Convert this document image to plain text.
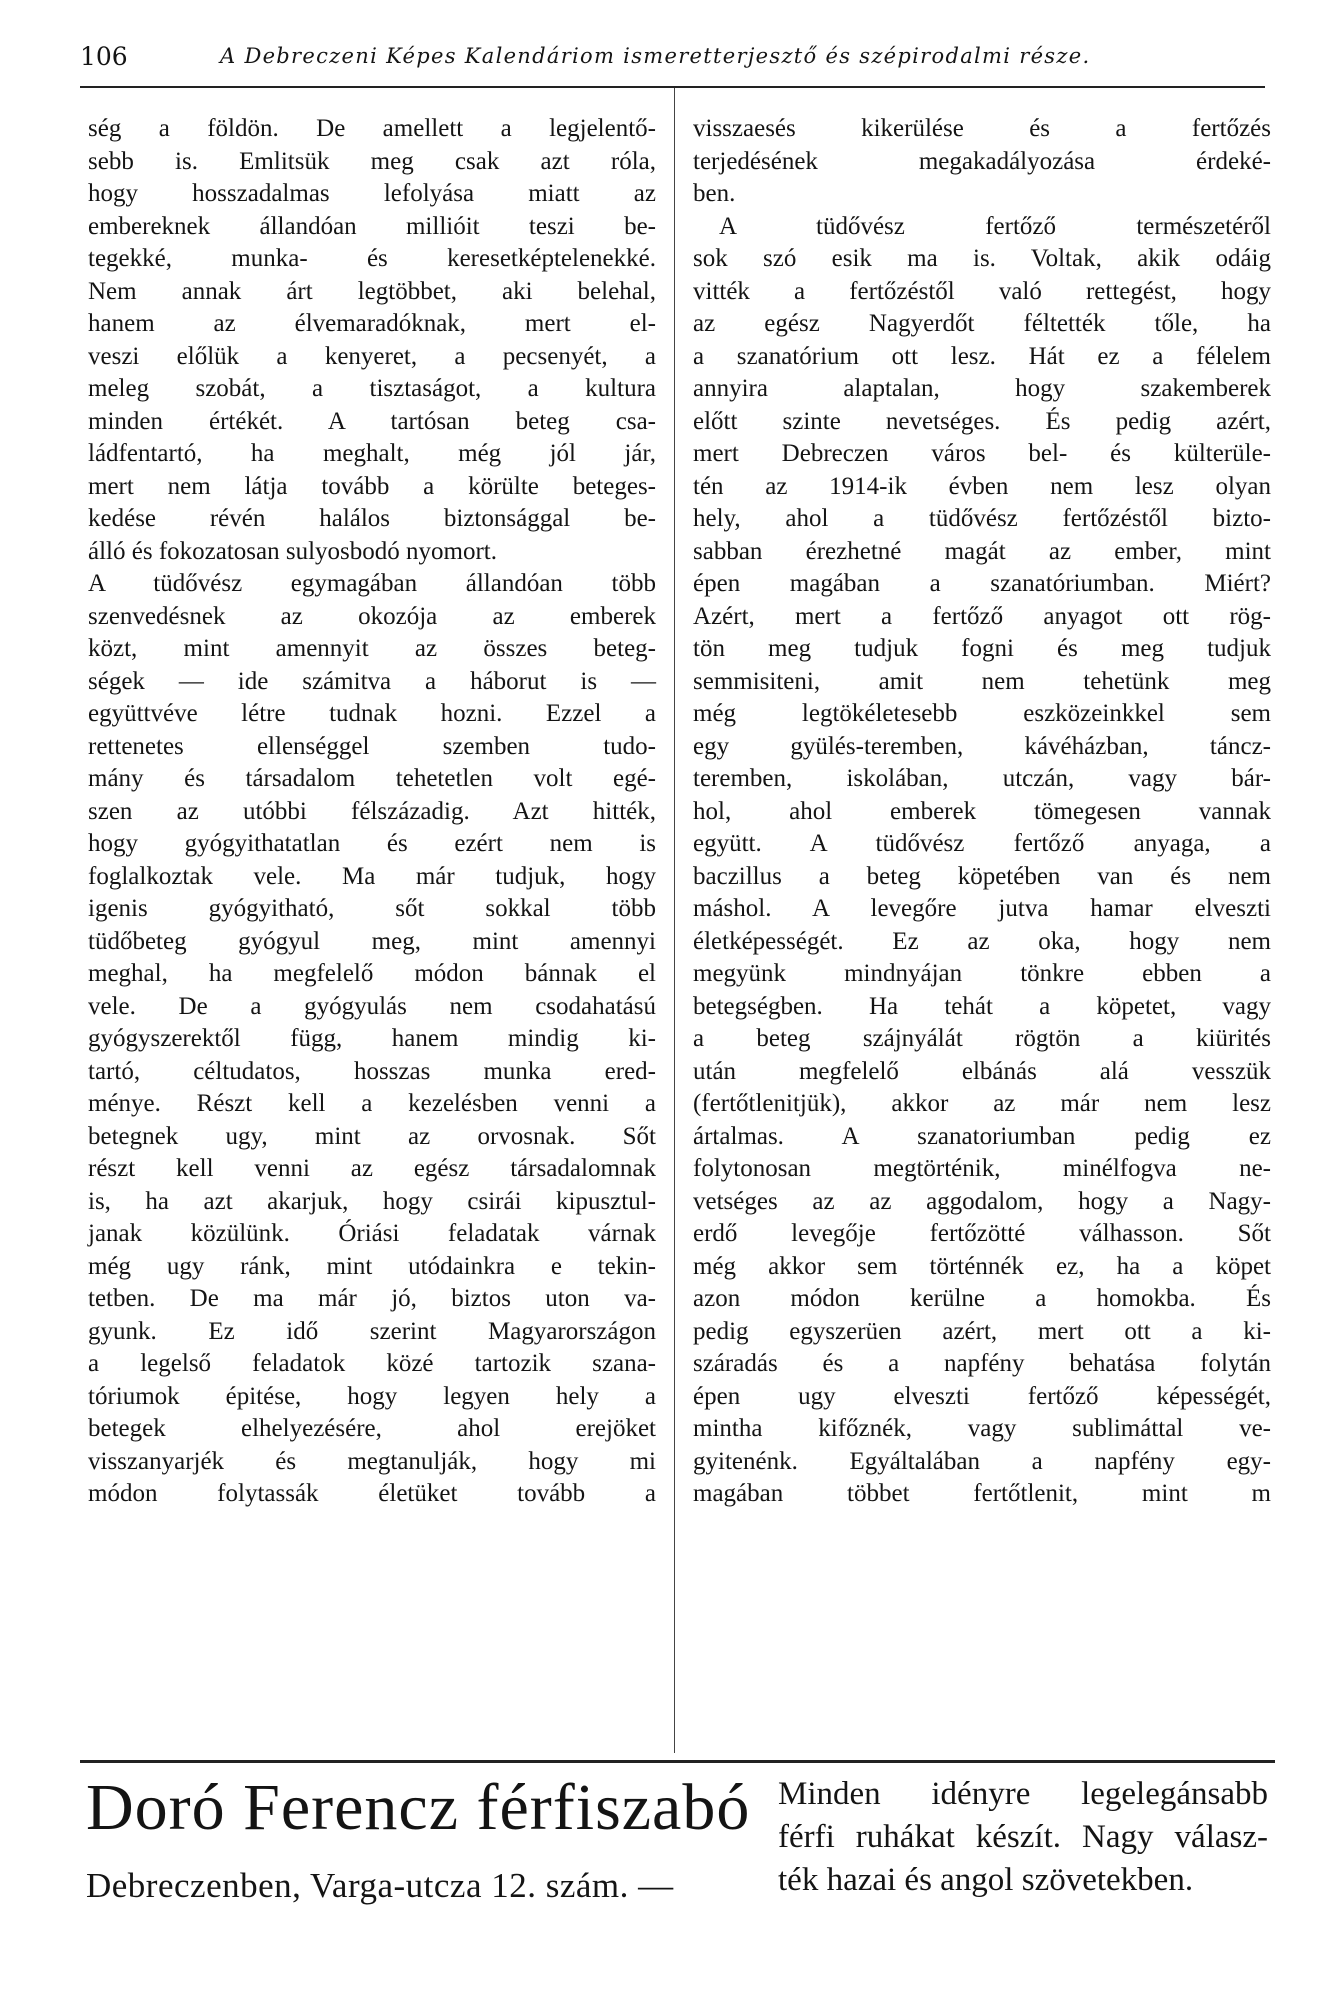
106	A Debreczeni Képes Kalendáriom ismeretterjesztő és szépirodalmi része.
ség a földön. De amellett a legjelentő-
sebb is. Emlitsük meg csak azt róla,
hogy hosszadalmas lefolyása miatt az
embereknek állandóan millióit teszi be-
tegekké, munka- és keresetképtelenekké.
Nem annak árt legtöbbet, aki belehal,
hanem az élvemaradóknak, mert el-
veszi előlük a kenyeret, a pecsenyét, a
meleg szobát, a tisztaságot, a kultura
minden értékét. A tartósan beteg csa-
ládfentartó, ha meghalt, még jól jár,
mert nem látja tovább a körülte beteges-
kedése révén halálos biztonsággal be-
álló és fokozatosan sulyosbodó nyomort.
A tüdővész egymagában állandóan több
szenvedésnek az okozója az emberek
közt, mint amennyit az összes beteg-
ségek — ide számitva a háborut is —
együttvéve létre tudnak hozni. Ezzel a
rettenetes ellenséggel szemben tudo-
mány és társadalom tehetetlen volt egé-
szen az utóbbi félszázadig. Azt hitték,
hogy gyógyithatatlan és ezért nem is
foglalkoztak vele. Ma már tudjuk, hogy
igenis gyógyitható, sőt sokkal több
tüdőbeteg gyógyul meg, mint amennyi
meghal, ha megfelelő módon bánnak el
vele. De a gyógyulás nem csodahatású
gyógyszerektől függ, hanem mindig ki-
tartó, céltudatos, hosszas munka ered-
ménye. Részt kell a kezelésben venni a
betegnek ugy, mint az orvosnak. Sőt
részt kell venni az egész társadalomnak
is, ha azt akarjuk, hogy csirái kipusztul-
janak közülünk. Óriási feladatak várnak
még ugy ránk, mint utódainkra e tekin-
tetben. De ma már jó, biztos uton va-
gyunk. Ez idő szerint Magyarországon
a legelső feladatok közé tartozik szana-
tóriumok épitése, hogy legyen hely a
betegek elhelyezésére, ahol erejöket
visszanyarjék és megtanulják, hogy mi
módon folytassák életüket tovább a
visszaesés kikerülése és a fertőzés
terjedésének megakadályozása érdeké-
ben.
A tüdővész fertőző természetéről
sok szó esik ma is. Voltak, akik odáig
vitték a fertőzéstől való rettegést, hogy
az egész Nagyerdőt féltették tőle, ha
a szanatórium ott lesz. Hát ez a félelem
annyira alaptalan, hogy szakemberek
előtt szinte nevetséges. És pedig azért,
mert Debreczen város bel- és külterüle-
tén az 1914-ik évben nem lesz olyan
hely, ahol a tüdővész fertőzéstől bizto-
sabban érezhetné magát az ember, mint
épen magában a szanatóriumban. Miért?
Azért, mert a fertőző anyagot ott rög-
tön meg tudjuk fogni és meg tudjuk
semmisiteni, amit nem tehetünk meg
még legtökéletesebb eszközeinkkel sem
egy gyülés-teremben, kávéházban, táncz-
teremben, iskolában, utczán, vagy bár-
hol, ahol emberek tömegesen vannak
együtt. A tüdővész fertőző anyaga, a
baczillus a beteg köpetében van és nem
máshol. A levegőre jutva hamar elveszti
életképességét. Ez az oka, hogy nem
megyünk mindnyájan tönkre ebben a
betegségben. Ha tehát a köpetet, vagy
a beteg szájnyálát rögtön a kiürités
után megfelelő elbánás alá vesszük
(fertőtlenitjük), akkor az már nem lesz
ártalmas. A szanatoriumban pedig ez
folytonosan megtörténik, minélfogva ne-
vetséges az az aggodalom, hogy a Nagy-
erdő levegője fertőzötté válhasson. Sőt
még akkor sem történnék ez, ha a köpet
azon módon kerülne a homokba. És
pedig egyszerüen azért, mert ott a ki-
száradás és a napfény behatása folytán
épen ugy elveszti fertőző képességét,
mintha kifőznék, vagy sublimáttal ve-
gyitenénk. Egyáltalában a napfény egy-
magában többet fertőtlenit, mint m
Doró Ferencz férfiszabó
Debreczenben, Varga-utcza 12. szám. —
Minden idényre legelegánsabb
férfi ruhákat készít. Nagy válasz-
ték hazai és angol szövetekben.
